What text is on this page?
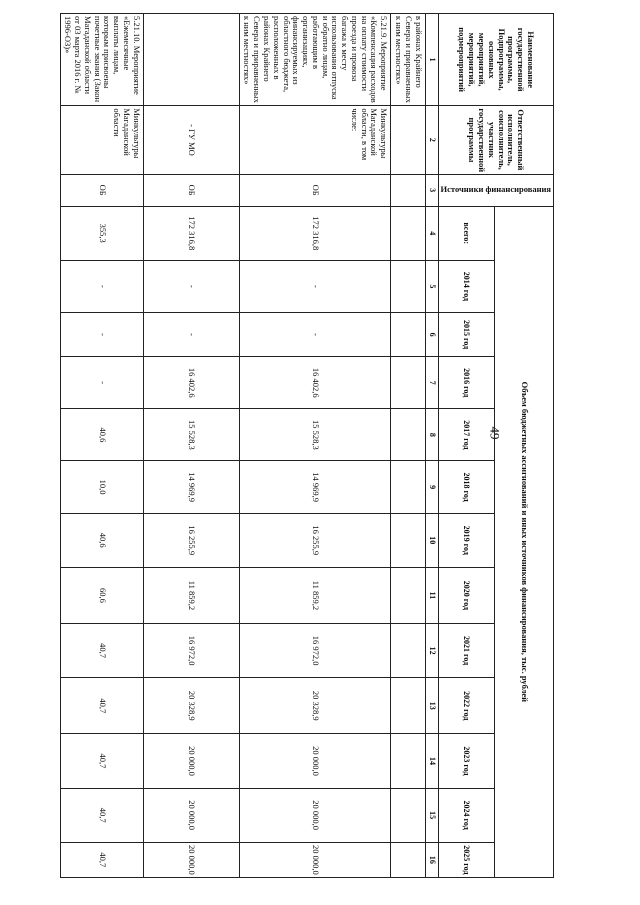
49
Наименование государственной программы, Подпрограммы, основных мероприятий, мероприятий, подмероприятий	Ответственный исполнитель, соисполнитель, участник государственной программы	Источники финансирования	Объем бюджетных ассигнований и иных источников финансирования, тыс. рублей												
			всего:	2014 год	2015 год	2016 год	2017 год	2018 год	2019 год	2020 год	2021 год	2022 год	2023 год	2024 год	2025 год
1	2	3	4	5	6	7	8	9	10	11	12	13	14	15	16
в районах Крайнего Севера и приравненных к ним местностях»															
5.21.9. Мероприятие «Компенсация расходов на оплату стоимости проезда и провоза багажа к месту использования отпуска и обратно лицам, работающим в организациях, финансируемых из областного бюджета, расположенных в районах Крайнего Севера и приравненных к ним местностях»	Минкультуры Магаданской области, в том числе:	ОБ	172 316,8	-	-	16 402,6	15 528,3	14 969,9	16 255,9	11 859,2	16 972,0	20 328,9	20 000,0	20 000,0	20 000,0
	- ГУ МО	ОБ	172 316,8	-	-	16 402,6	15 528,3	14 969,9	16 255,9	11 859,2	16 972,0	20 328,9	20 000,0	20 000,0	20 000,0
5.21.10. Мероприятие «Ежемесячные выплаты лицам, которым присвоены почетные звания (Закон Магаданской области от 03 марта 2016 г. № 1996-ОЗ)»	Минкультуры Магаданской области	ОБ	355,3	-	-	-	40,6	10,0	40,6	60,6	40,7	40,7	40,7	40,7	40,7
